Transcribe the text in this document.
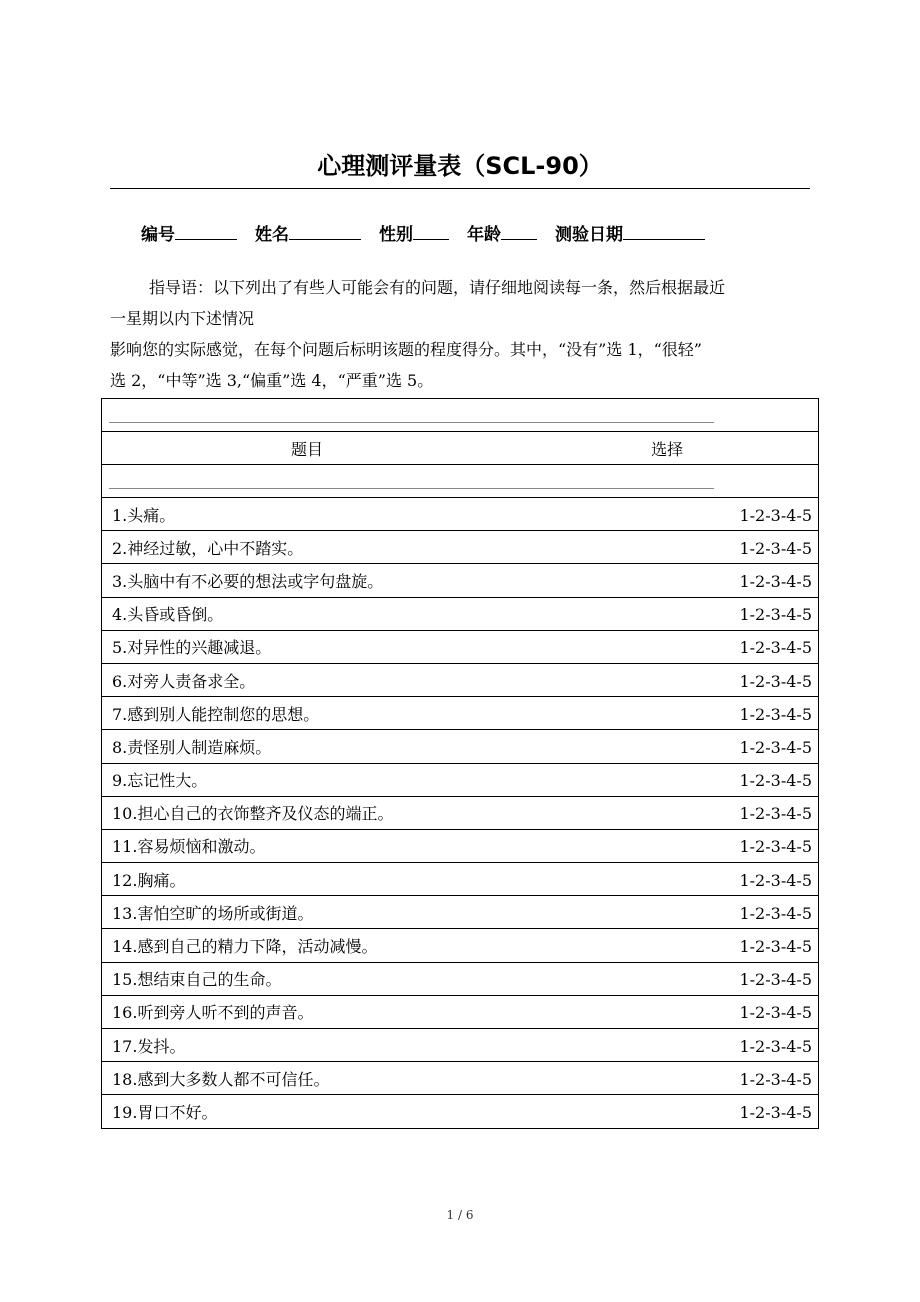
心理测评量表（SCL-90）
编号	姓名	性别	年龄	测验日期
指导语：以下列出了有些人可能会有的问题，请仔细地阅读每一条，然后根据最近
一星期以内下述情况
影响您的实际感觉，在每个问题后标明该题的程度得分。其中，“没有”选 1，“很轻”
选 2，“中等”选 3,“偏重”选 4，“严重”选 5。

题目	选择

1.头痛。	1-2-3-4-5
2.神经过敏，心中不踏实。	1-2-3-4-5
3.头脑中有不必要的想法或字句盘旋。	1-2-3-4-5
4.头昏或昏倒。	1-2-3-4-5
5.对异性的兴趣减退。	1-2-3-4-5
6.对旁人责备求全。	1-2-3-4-5
7.感到别人能控制您的思想。	1-2-3-4-5
8.责怪别人制造麻烦。	1-2-3-4-5
9.忘记性大。	1-2-3-4-5
10.担心自己的衣饰整齐及仪态的端正。	1-2-3-4-5
11.容易烦恼和激动。	1-2-3-4-5
12.胸痛。	1-2-3-4-5
13.害怕空旷的场所或街道。	1-2-3-4-5
14.感到自己的精力下降，活动减慢。	1-2-3-4-5
15.想结束自己的生命。	1-2-3-4-5
16.听到旁人听不到的声音。	1-2-3-4-5
17.发抖。	1-2-3-4-5
18.感到大多数人都不可信任。	1-2-3-4-5
19.胃口不好。	1-2-3-4-5
1 / 6
